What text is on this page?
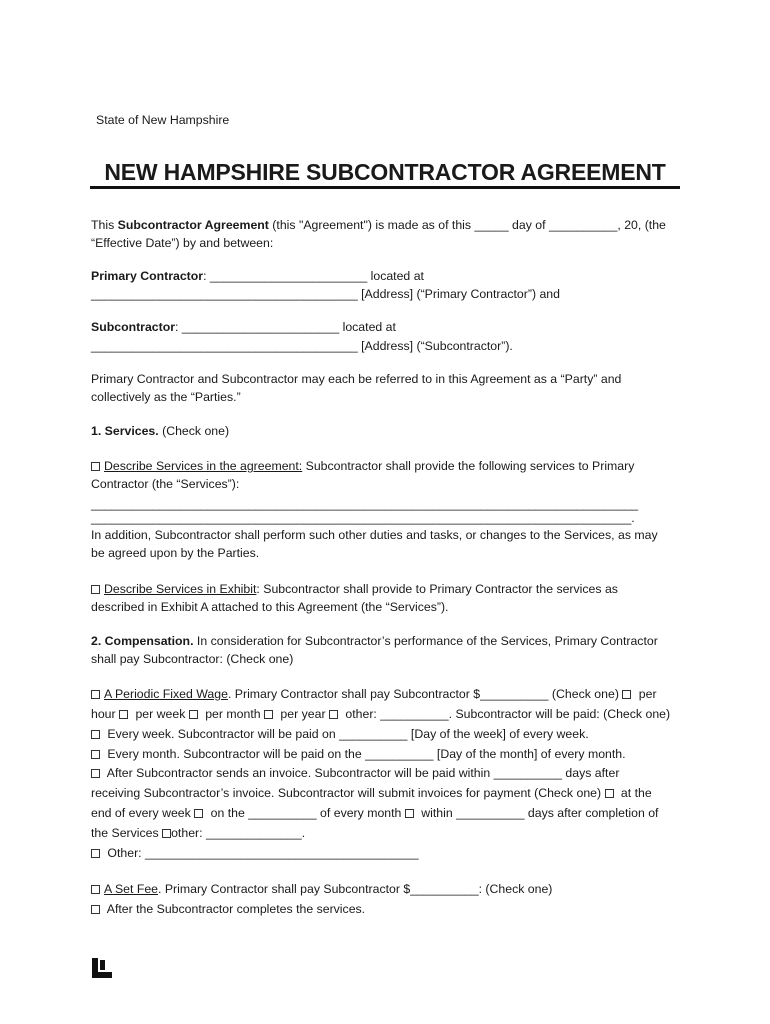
State of New Hampshire
NEW HAMPSHIRE SUBCONTRACTOR AGREEMENT
This Subcontractor Agreement (this "Agreement") is made as of this _____ day of __________, 20, (the
“Effective Date”) by and between:
Primary Contractor: _______________________ located at
_______________________________________ [Address] (“Primary Contractor”) and
Subcontractor: _______________________ located at
_______________________________________ [Address] (“Subcontractor”).
Primary Contractor and Subcontractor may each be referred to in this Agreement as a “Party” and
collectively as the “Parties.”
1. Services. (Check one)
Describe Services in the agreement: Subcontractor shall provide the following services to Primary
Contractor (the “Services”):
________________________________________________________________________________
_______________________________________________________________________________.
In addition, Subcontractor shall perform such other duties and tasks, or changes to the Services, as may
be agreed upon by the Parties.
Describe Services in Exhibit: Subcontractor shall provide to Primary Contractor the services as
described in Exhibit A attached to this Agreement (the “Services”).
2. Compensation. In consideration for Subcontractor’s performance of the Services, Primary Contractor
shall pay Subcontractor: (Check one)
A Periodic Fixed Wage. Primary Contractor shall pay Subcontractor $__________ (Check one)  per
hour  per week  per month  per year  other: __________. Subcontractor will be paid: (Check one)
Every week. Subcontractor will be paid on __________ [Day of the week] of every week.
Every month. Subcontractor will be paid on the __________ [Day of the month] of every month.
After Subcontractor sends an invoice. Subcontractor will be paid within __________ days after
receiving Subcontractor’s invoice. Subcontractor will submit invoices for payment (Check one)  at the
end of every week  on the __________ of every month  within __________ days after completion of
the Services other: ______________.
Other: ________________________________________
A Set Fee. Primary Contractor shall pay Subcontractor $__________: (Check one)
After the Subcontractor completes the services.
